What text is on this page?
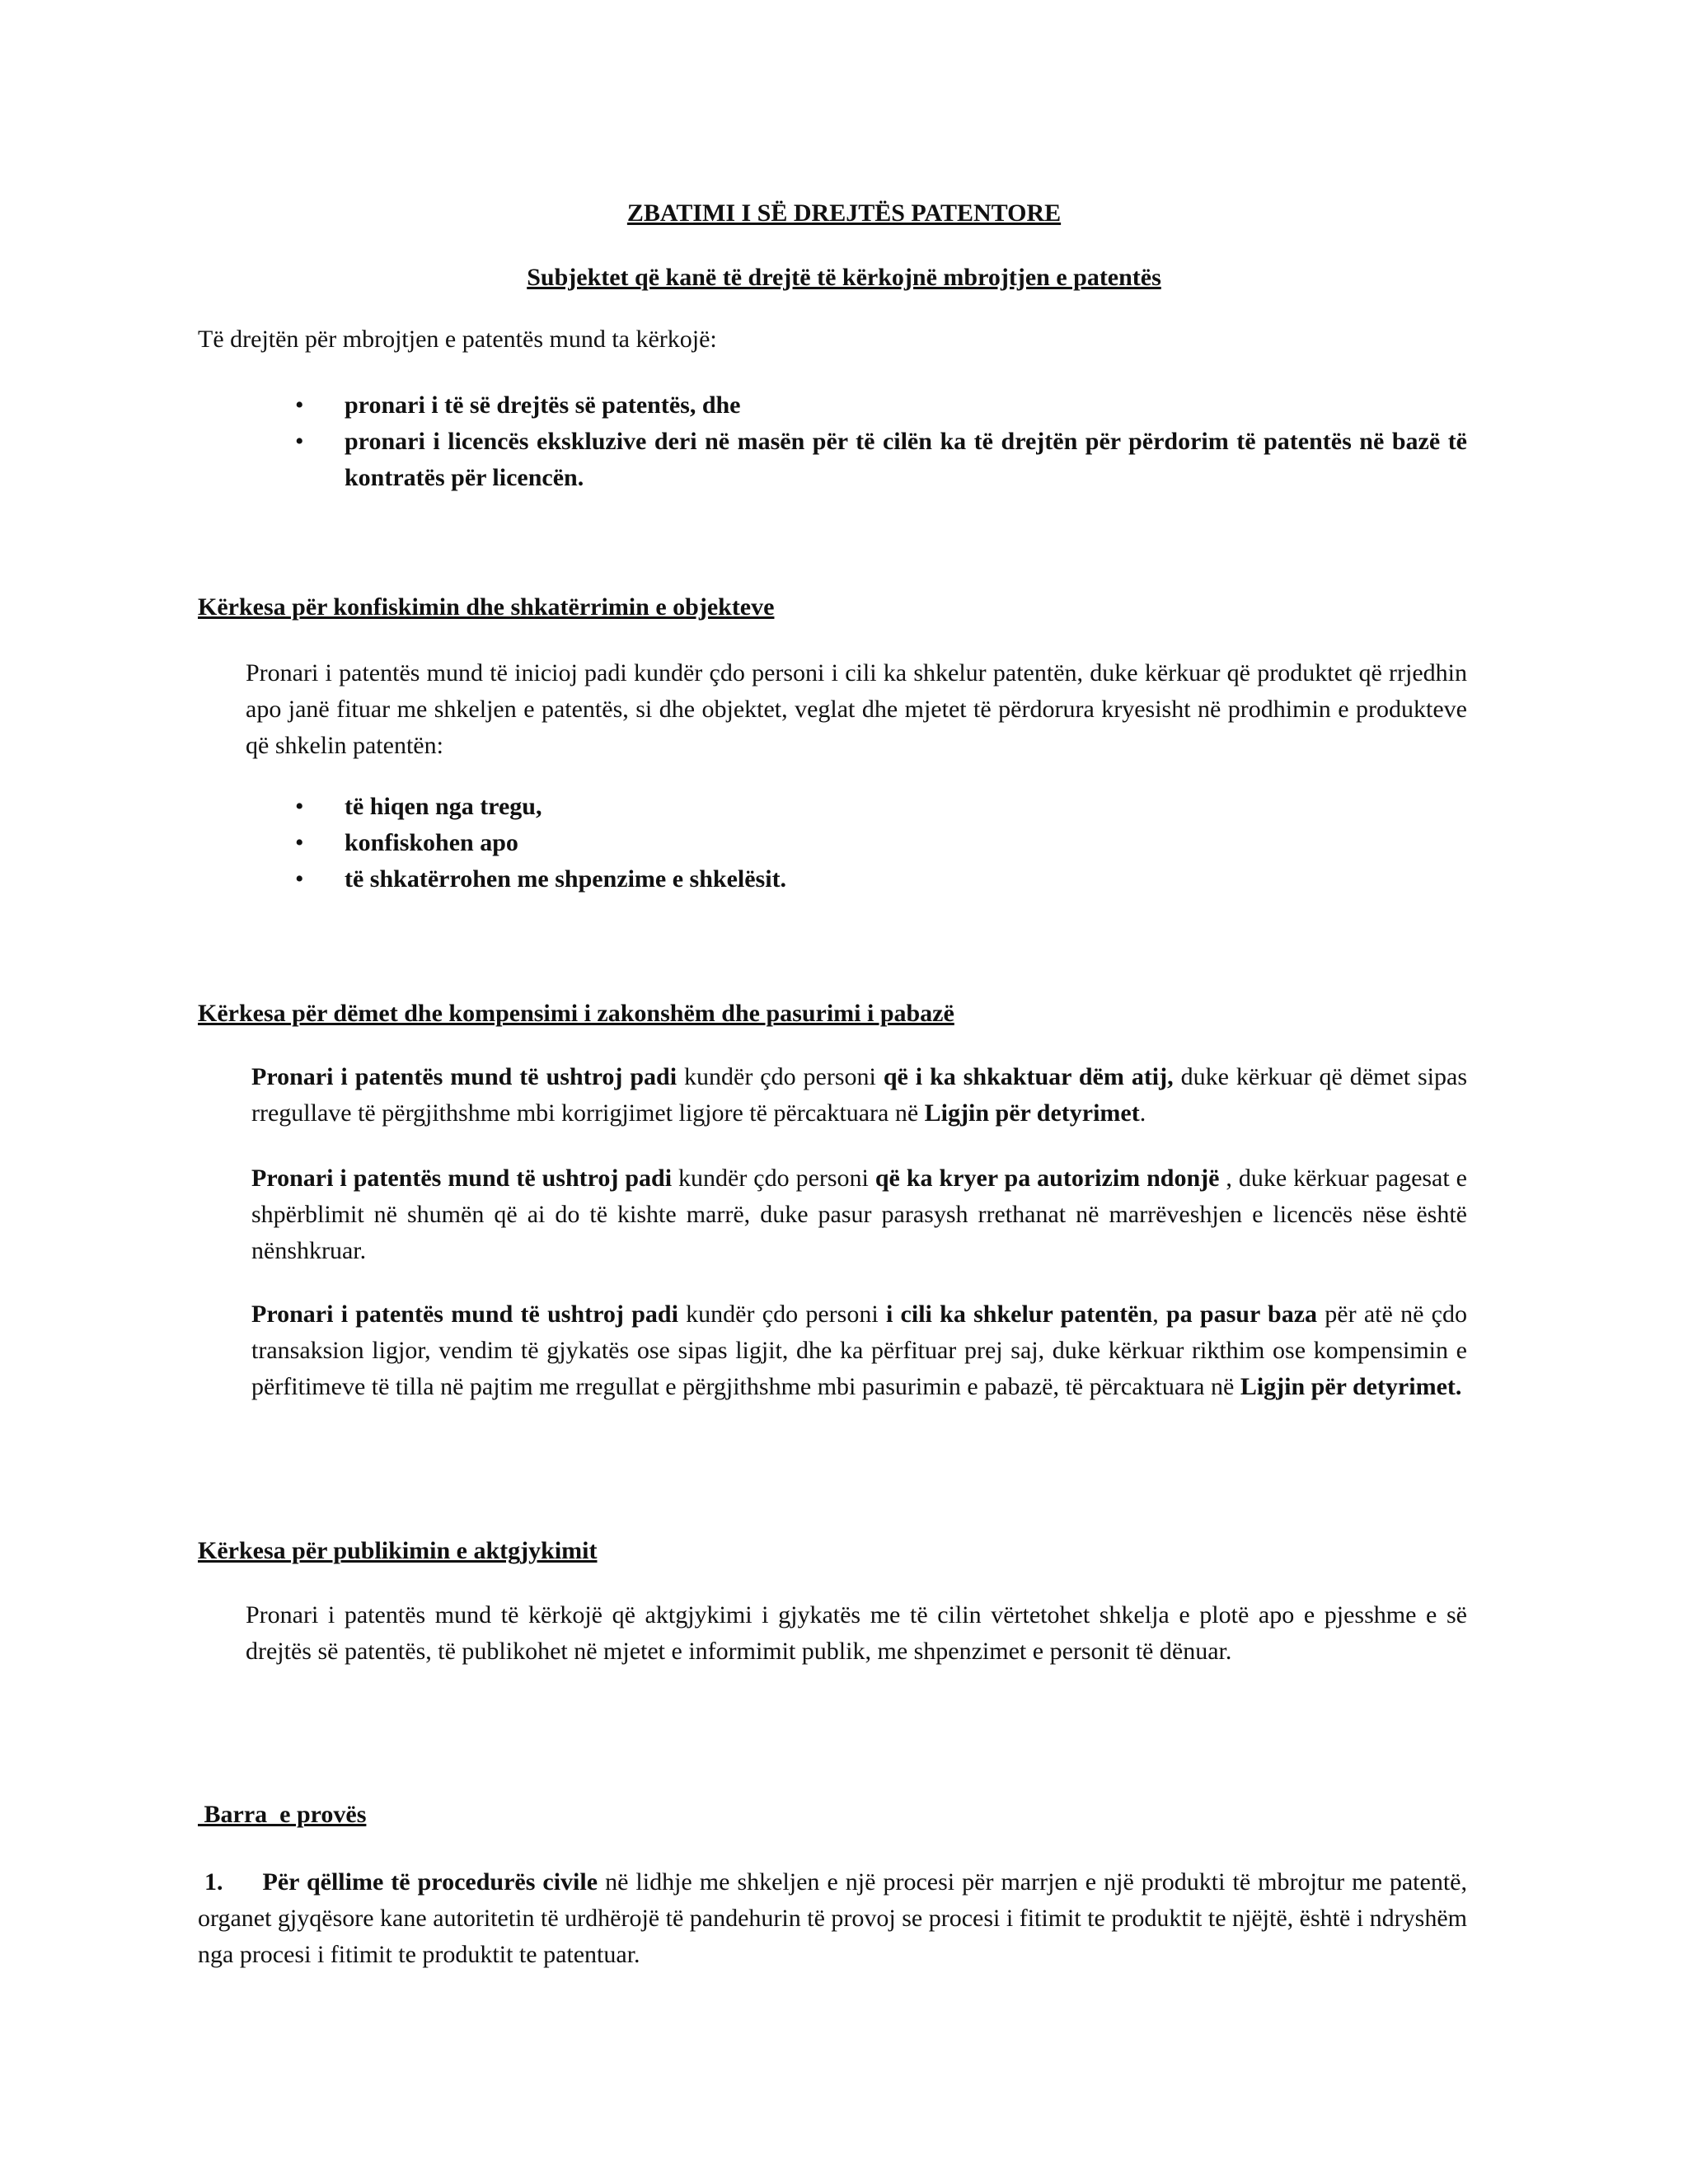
ZBATIMI I SË DREJTËS PATENTORE
Subjektet që kanë të drejtë të kërkojnë mbrojtjen e patentës

Të drejtën për mbrojtjen e patentës mund ta kërkojë:

• pronari i të së drejtës së patentës, dhe
• pronari i licencës ekskluzive deri në masën për të cilën ka të drejtën për përdorim të patentës në bazë të kontratës për licencën.
Kërkesa për konfiskimin dhe shkatërrimin e objekteve

Pronari i patentës mund të inicioj padi kundër çdo personi i cili ka shkelur patentën, duke kërkuar që produktet që rrjedhin apo janë fituar me shkeljen e patentës, si dhe objektet, veglat dhe mjetet të përdorura kryesisht në prodhimin e produkteve që shkelin patentën:

• të hiqen nga tregu,
• konfiskohen apo
• të shkatërrohen me shpenzime e shkelësit.
Kërkesa për dëmet dhe kompensimi i zakonshëm dhe pasurimi i pabazë

Pronari i patentës mund të ushtroj padi kundër çdo personi që i ka shkaktuar dëm atij, duke kërkuar që dëmet sipas rregullave të përgjithshme mbi korrigjimet ligjore të përcaktuara në Ligjin për detyrimet.

Pronari i patentës mund të ushtroj padi kundër çdo personi që ka kryer pa autorizim ndonjë , duke kërkuar pagesat e shpërblimit në shumën që ai do të kishte marrë, duke pasur parasysh rrethanat në marrëveshjen e licencës nëse është nënshkruar.

Pronari i patentës mund të ushtroj padi kundër çdo personi i cili ka shkelur patentën, pa pasur baza për atë në çdo transaksion ligjor, vendim të gjykatës ose sipas ligjit, dhe ka përfituar prej saj, duke kërkuar rikthim ose kompensimin e përfitimeve të tilla në pajtim me rregullat e përgjithshme mbi pasurimin e pabazë, të përcaktuara në Ligjin për detyrimet.

Kërkesa për publikimin e aktgjykimit

Pronari i patentës mund të kërkojë që aktgjykimi i gjykatës me të cilin vërtetohet shkelja e plotë apo e pjesshme e së drejtës së patentës, të publikohet në mjetet e informimit publik, me shpenzimet e personit të dënuar.

Barra  e provës

1. Për qëllime të procedurës civile në lidhje me shkeljen e një procesi për marrjen e një produkti të mbrojtur me patentë, organet gjyqësore kane autoritetin të urdhërojë të pandehurin të provoj se procesi i fitimit te produktit te njëjtë, është i ndryshëm nga procesi i fitimit te produktit te patentuar.
